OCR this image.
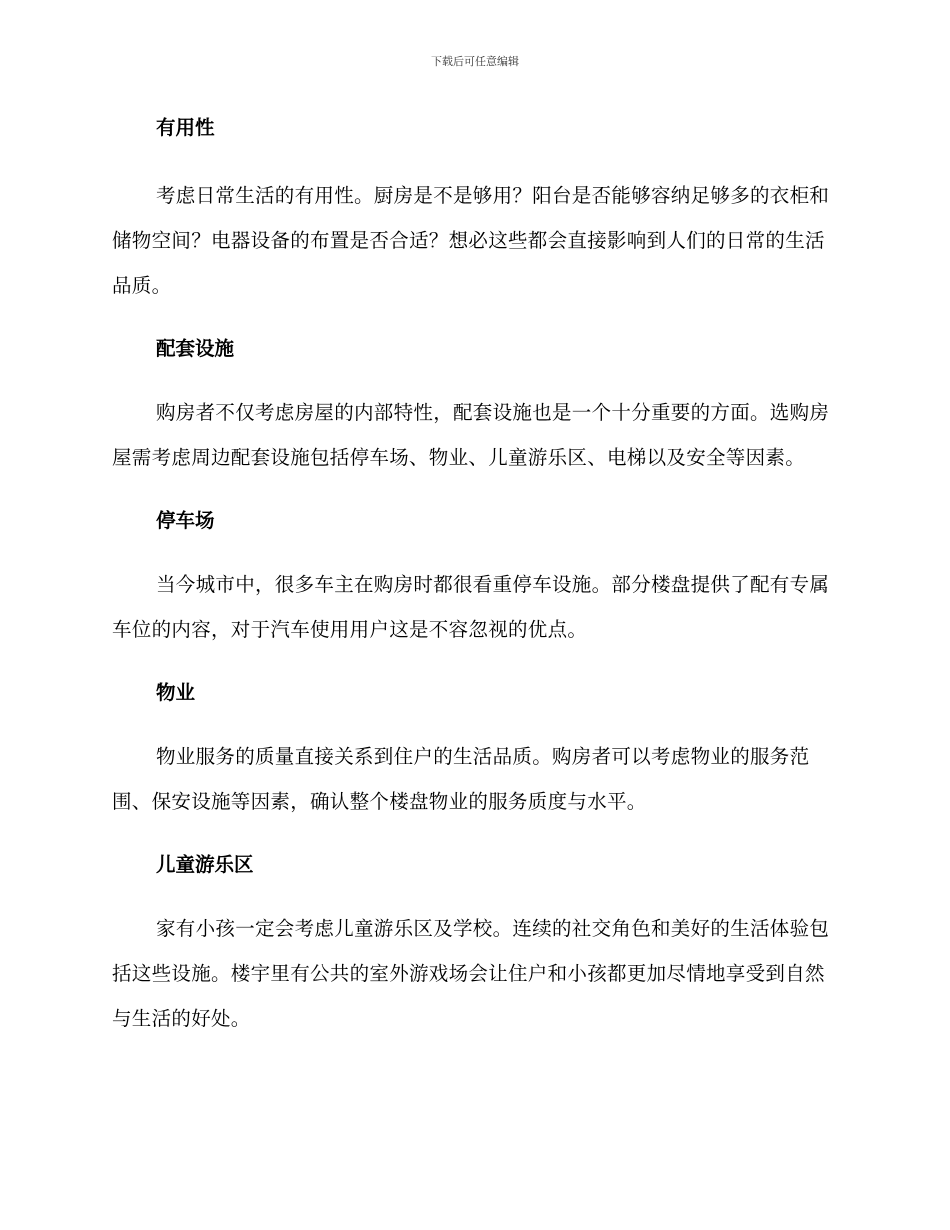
下载后可任意编辑
有用性

考虑日常生活的有用性。厨房是不是够用？阳台是否能够容纳足够多的衣柜和储物空间？电器设备的布置是否合适？想必这些都会直接影响到人们的日常的生活品质。

配套设施

购房者不仅考虑房屋的内部特性，配套设施也是一个十分重要的方面。选购房屋需考虑周边配套设施包括停车场、物业、儿童游乐区、电梯以及安全等因素。

停车场

当今城市中，很多车主在购房时都很看重停车设施。部分楼盘提供了配有专属车位的内容，对于汽车使用用户这是不容忽视的优点。

物业

物业服务的质量直接关系到住户的生活品质。购房者可以考虑物业的服务范围、保安设施等因素，确认整个楼盘物业的服务质度与水平。

儿童游乐区

家有小孩一定会考虑儿童游乐区及学校。连续的社交角色和美好的生活体验包括这些设施。楼宇里有公共的室外游戏场会让住户和小孩都更加尽情地享受到自然与生活的好处。
